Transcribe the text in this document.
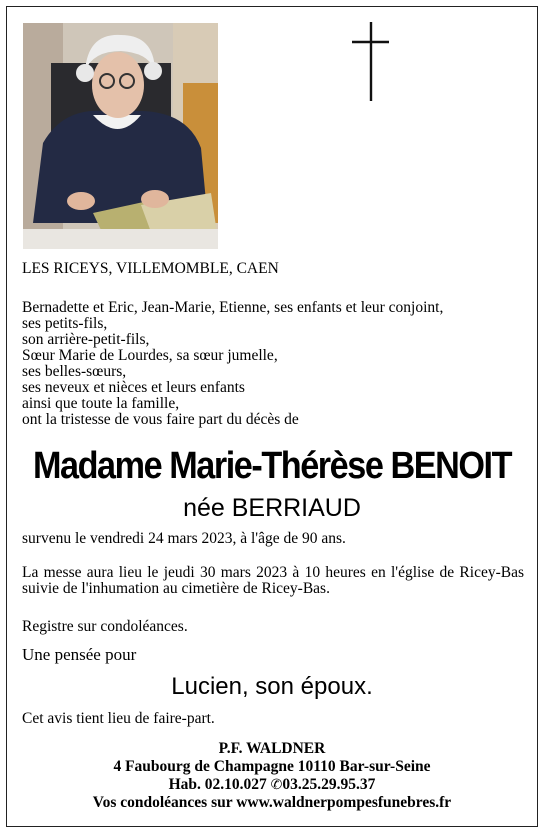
LES RICEYS, VILLEMOMBLE, CAEN
Bernadette et Eric, Jean-Marie, Etienne, ses enfants et leur conjoint,
ses petits-fils,
son arrière-petit-fils,
Sœur Marie de Lourdes, sa sœur jumelle,
ses belles-sœurs,
ses neveux et nièces et leurs enfants
ainsi que toute la famille,
ont la tristesse de vous faire part du décès de
Madame Marie-Thérèse BENOIT
née BERRIAUD
survenu le vendredi 24 mars 2023, à l'âge de 90 ans.
La messe aura lieu le jeudi 30 mars 2023 à 10 heures en l'église de Ricey-Bas suivie de l'inhumation au cimetière de Ricey-Bas.
Registre sur condoléances.
Une pensée pour
Lucien, son époux.
Cet avis tient lieu de faire-part.
P.F. WALDNER
4 Faubourg de Champagne 10110 Bar-sur-Seine
Hab. 02.10.027 ✆03.25.29.95.37
Vos condoléances sur www.waldnerpompesfunebres.fr
